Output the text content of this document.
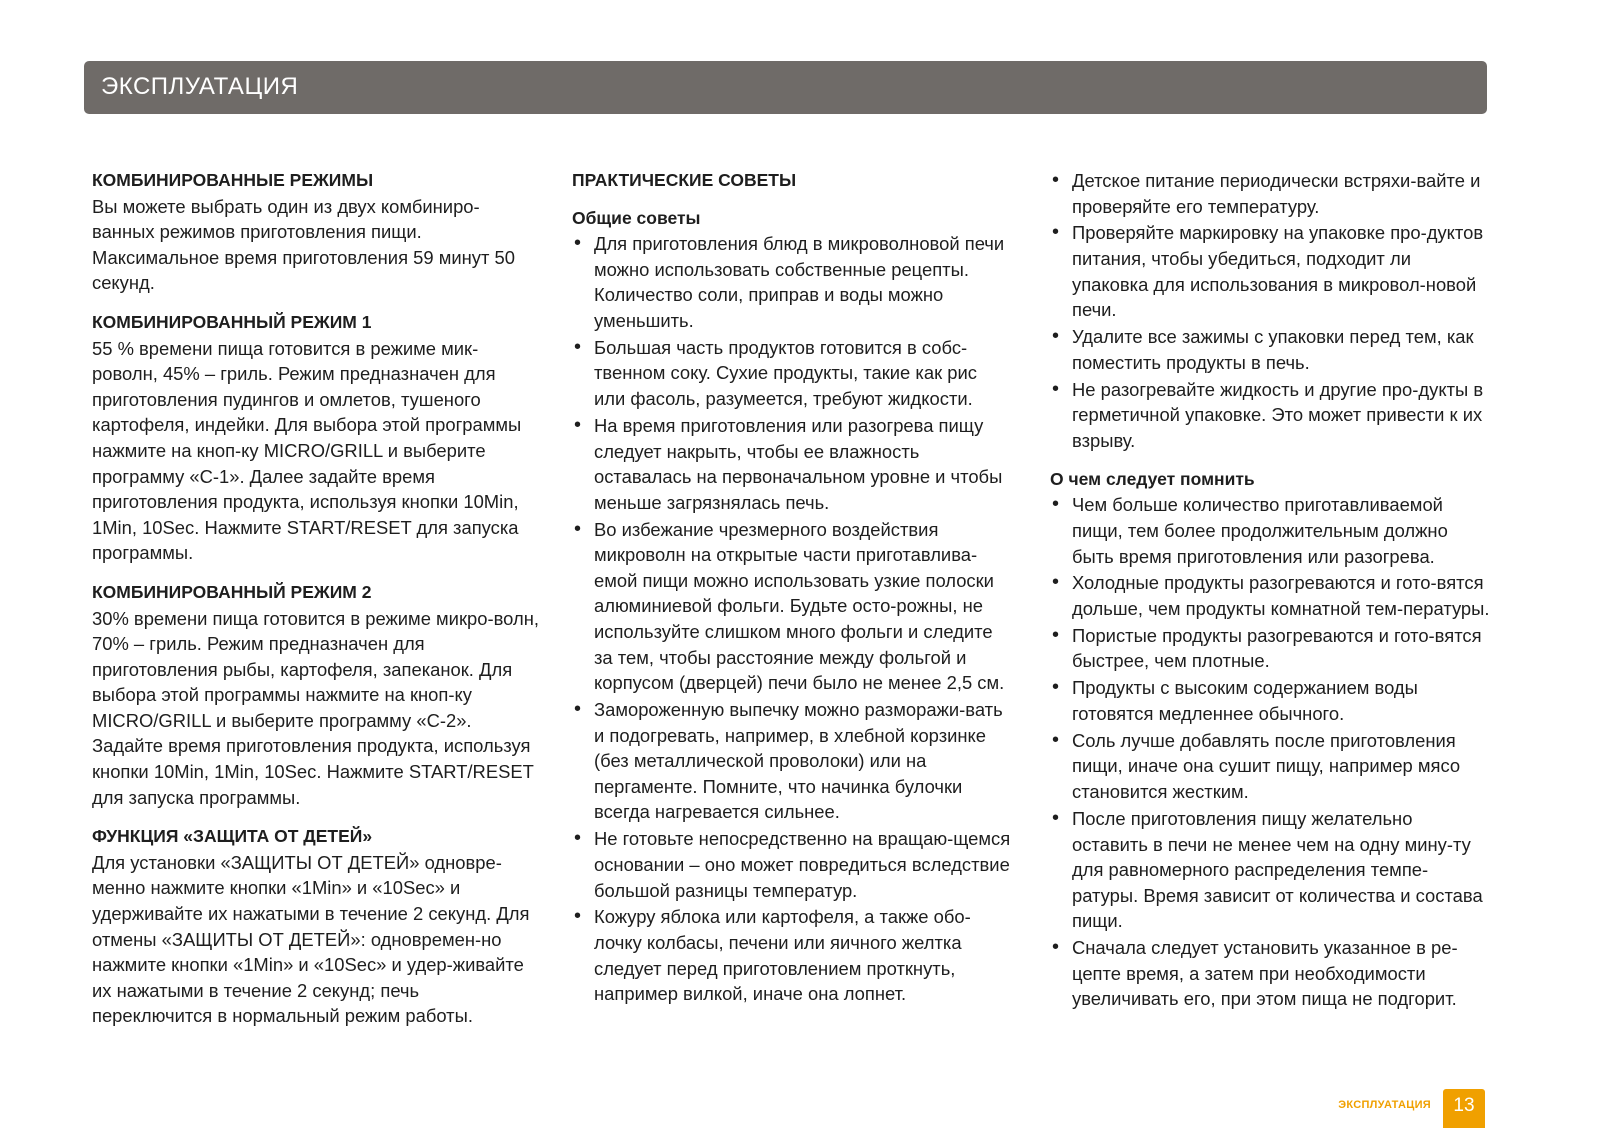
ЭКСПЛУАТАЦИЯ

КОМБИНИРОВАННЫЕ РЕЖИМЫ

Вы можете выбрать один из двух комбиниро-ванных режимов приготовления пищи. Максимальное время приготовления 59 минут 50 секунд.

КОМБИНИРОВАННЫЙ РЕЖИМ 1

55 % времени пища готовится в режиме мик-роволн, 45% – гриль. Режим предназначен для приготовления пудингов и омлетов, тушеного картофеля, индейки. Для выбора этой программы нажмите на кноп-ку MICRO/GRILL и выберите программу «С-1». Далее задайте время приготовления продукта, используя кнопки 10Min, 1Min, 10Sec. Нажмите START/RESET для запуска программы.

КОМБИНИРОВАННЫЙ РЕЖИМ 2

30% времени пища готовится в режиме микро-волн, 70% – гриль. Режим предназначен для приготовления рыбы, картофеля, запеканок. Для выбора этой программы нажмите на кноп-ку MICRO/GRILL и выберите программу «С-2». Задайте время приготовления продукта, используя кнопки 10Min, 1Min, 10Sec. Нажмите START/RESET для запуска программы.

ФУНКЦИЯ «ЗАЩИТА ОТ ДЕТЕЙ»

Для установки «ЗАЩИТЫ ОТ ДЕТЕЙ» одновре-менно нажмите кнопки «1Min» и «10Sec» и удерживайте их нажатыми в течение 2 секунд. Для отмены «ЗАЩИТЫ ОТ ДЕТЕЙ»: одновремен-но нажмите кнопки «1Min» и «10Sec» и удер-живайте их нажатыми в течение 2 секунд; печь переключится в нормальный режим работы.

ПРАКТИЧЕСКИЕ СОВЕТЫ

Общие советы

• Для приготовления блюд в микроволновой печи можно использовать собственные рецепты. Количество соли, приправ и воды можно уменьшить.
• Большая часть продуктов готовится в собс-твенном соку. Сухие продукты, такие как рис или фасоль, разумеется, требуют жидкости.
• На время приготовления или разогрева пищу следует накрыть, чтобы ее влажность оставалась на первоначальном уровне и чтобы меньше загрязнялась печь.
• Во избежание чрезмерного воздействия микроволн на открытые части приготавлива-емой пищи можно использовать узкие полоски алюминиевой фольги. Будьте осто-рожны, не используйте слишком много фольги и следите за тем, чтобы расстояние между фольгой и корпусом (дверцей) печи было не менее 2,5 см.
• Замороженную выпечку можно разморажи-вать и подогревать, например, в хлебной корзинке (без металлической проволоки) или на пергаменте. Помните, что начинка булочки всегда нагревается сильнее.
• Не готовьте непосредственно на вращаю-щемся основании – оно может повредиться вследствие большой разницы температур.
• Кожуру яблока или картофеля, а также обо-лочку колбасы, печени или яичного желтка следует перед приготовлением проткнуть, например вилкой, иначе она лопнет.
• Детское питание периодически встряхи-вайте и проверяйте его температуру.
• Проверяйте маркировку на упаковке про-дуктов питания, чтобы убедиться, подходит ли упаковка для использования в микровол-новой печи.
• Удалите все зажимы с упаковки перед тем, как поместить продукты в печь.
• Не разогревайте жидкость и другие про-дукты в герметичной упаковке. Это может привести к их взрыву.

О чем следует помнить

• Чем больше количество приготавливаемой пищи, тем более продолжительным должно быть время приготовления или разогрева.
• Холодные продукты разогреваются и гото-вятся дольше, чем продукты комнатной тем-пературы.
• Пористые продукты разогреваются и гото-вятся быстрее, чем плотные.
• Продукты с высоким содержанием воды готовятся медленнее обычного.
• Соль лучше добавлять после приготовления пищи, иначе она сушит пищу, например мясо становится жестким.
• После приготовления пищу желательно оставить в печи не менее чем на одну мину-ту для равномерного распределения темпе-ратуры. Время зависит от количества и состава пищи.
• Сначала следует установить указанное в ре-цепте время, а затем при необходимости увеличивать его, при этом пища не подгорит.
ЭКСПЛУАТАЦИЯ	13
